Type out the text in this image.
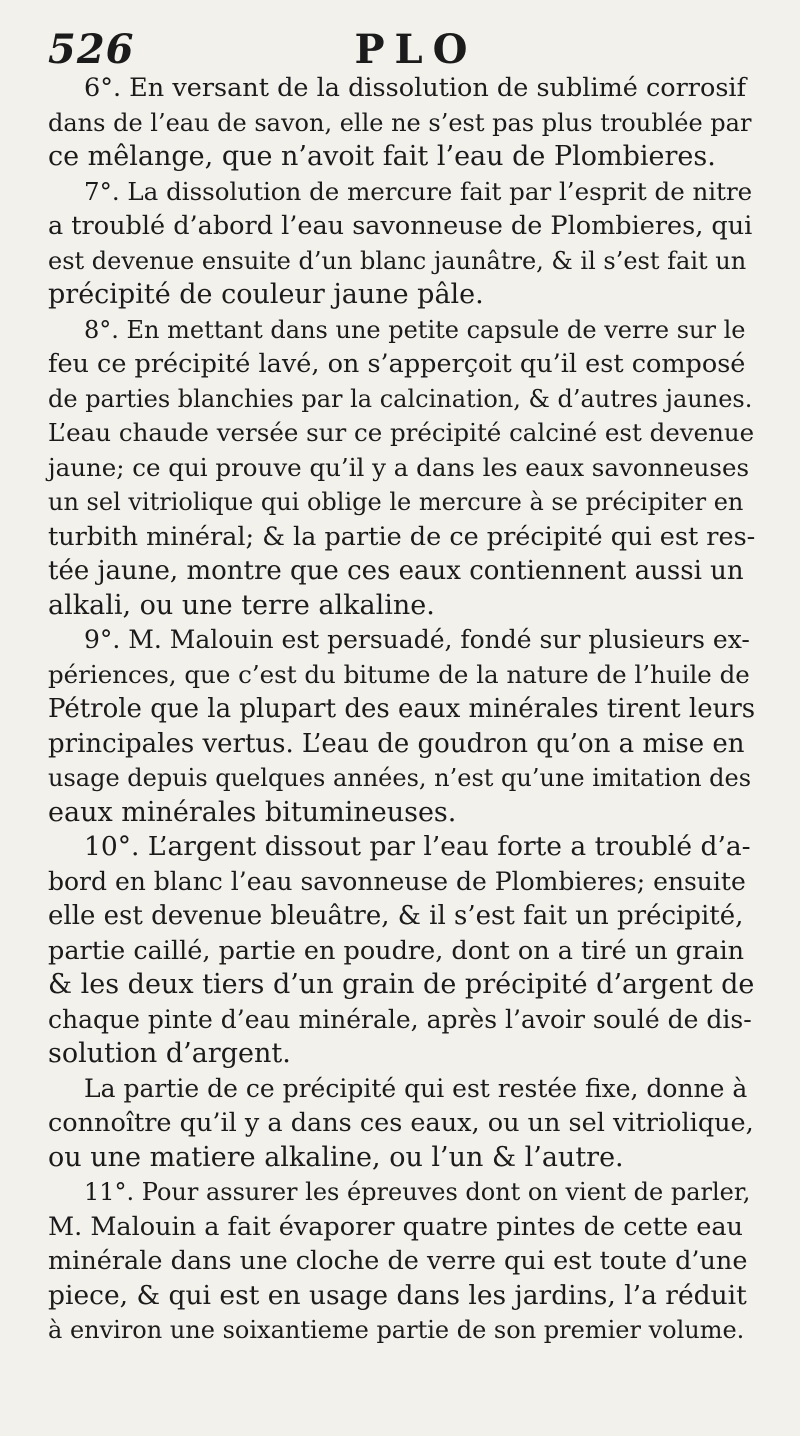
526	PLO
6°. En versant de la dissolution de sublimé corrosif
dans de l’eau de savon, elle ne s’est pas plus troublée par
ce mêlange, que n’avoit fait l’eau de Plombieres.
7°. La dissolution de mercure fait par l’esprit de nitre
a troublé d’abord l’eau savonneuse de Plombieres, qui
est devenue ensuite d’un blanc jaunâtre, & il s’est fait un
précipité de couleur jaune pâle.
8°. En mettant dans une petite capsule de verre sur le
feu ce précipité lavé, on s’apperçoit qu’il est composé
de parties blanchies par la calcination, & d’autres jaunes.
L’eau chaude versée sur ce précipité calciné est devenue
jaune; ce qui prouve qu’il y a dans les eaux savonneuses
un sel vitriolique qui oblige le mercure à se précipiter en
turbith minéral; & la partie de ce précipité qui est res-
tée jaune, montre que ces eaux contiennent aussi un
alkali, ou une terre alkaline.
9°. M. Malouin est persuadé, fondé sur plusieurs ex-
périences, que c’est du bitume de la nature de l’huile de
Pétrole que la plupart des eaux minérales tirent leurs
principales vertus. L’eau de goudron qu’on a mise en
usage depuis quelques années, n’est qu’une imitation des
eaux minérales bitumineuses.
10°. L’argent dissout par l’eau forte a troublé d’a-
bord en blanc l’eau savonneuse de Plombieres; ensuite
elle est devenue bleuâtre, & il s’est fait un précipité,
partie caillé, partie en poudre, dont on a tiré un grain
& les deux tiers d’un grain de précipité d’argent de
chaque pinte d’eau minérale, après l’avoir soulé de dis-
solution d’argent.
La partie de ce précipité qui est restée fixe, donne à
connoître qu’il y a dans ces eaux, ou un sel vitriolique,
ou une matiere alkaline, ou l’un & l’autre.
11°. Pour assurer les épreuves dont on vient de parler,
M. Malouin a fait évaporer quatre pintes de cette eau
minérale dans une cloche de verre qui est toute d’une
piece, & qui est en usage dans les jardins, l’a réduit
à environ une soixantieme partie de son premier volume.
